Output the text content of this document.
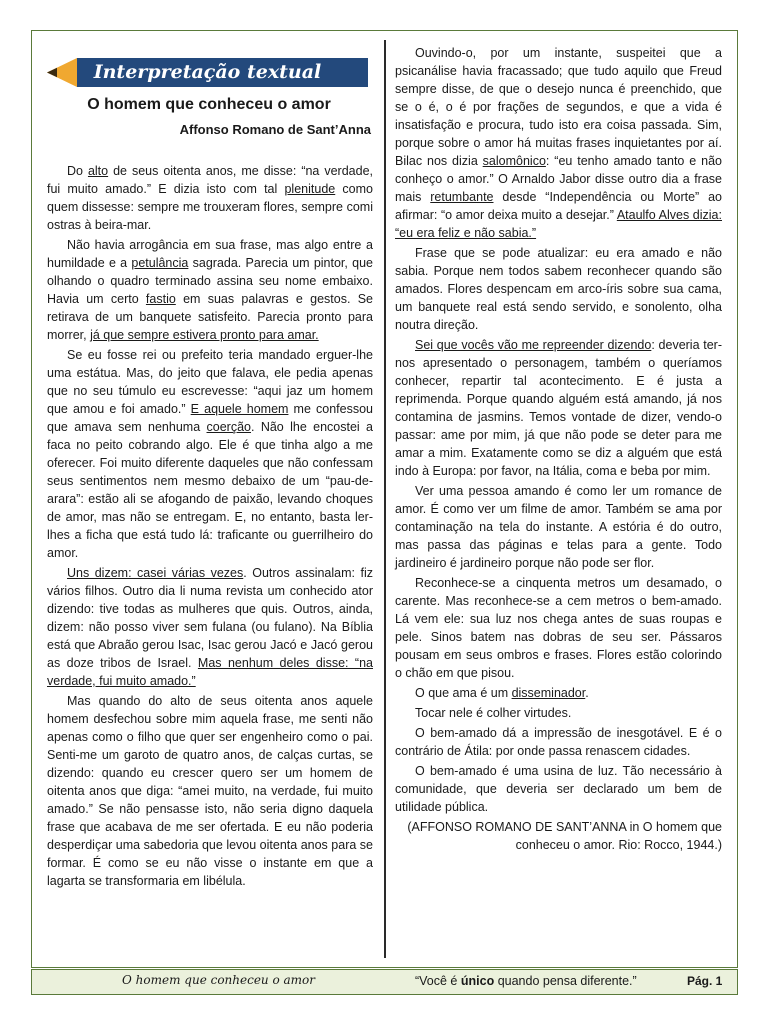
Interpretação textual
O homem que conheceu o amor
Affonso Romano de Sant’Anna

Do alto de seus oitenta anos, me disse: “na verdade, fui muito amado.” E dizia isto com tal plenitude como quem dissesse: sempre me trouxeram flores, sempre comi ostras à beira-mar.

Não havia arrogância em sua frase, mas algo entre a humildade e a petulância sagrada. Parecia um pintor, que olhando o quadro terminado assina seu nome embaixo. Havia um certo fastio em suas palavras e gestos. Se retirava de um banquete satisfeito. Parecia pronto para morrer, já que sempre estivera pronto para amar.

Se eu fosse rei ou prefeito teria mandado erguer-lhe uma estátua. Mas, do jeito que falava, ele pedia apenas que no seu túmulo eu escrevesse: “aqui jaz um homem que amou e foi amado.” E aquele homem me confessou que amava sem nenhuma coerção. Não lhe encostei a faca no peito cobrando algo. Ele é que tinha algo a me oferecer. Foi muito diferente daqueles que não confessam seus sentimentos nem mesmo debaixo de um “pau-de-arara”: estão ali se afogando de paixão, levando choques de amor, mas não se entregam. E, no entanto, basta ler-lhes a ficha que está tudo lá: traficante ou guerrilheiro do amor.

Uns dizem: casei várias vezes. Outros assinalam: fiz vários filhos. Outro dia li numa revista um conhecido ator dizendo: tive todas as mulheres que quis. Outros, ainda, dizem: não posso viver sem fulana (ou fulano). Na Bíblia está que Abraão gerou Isac, Isac gerou Jacó e Jacó gerou as doze tribos de Israel. Mas nenhum deles disse: “na verdade, fui muito amado.”

Mas quando do alto de seus oitenta anos aquele homem desfechou sobre mim aquela frase, me senti não apenas como o filho que quer ser engenheiro como o pai. Senti-me um garoto de quatro anos, de calças curtas, se dizendo: quando eu crescer quero ser um homem de oitenta anos que diga: “amei muito, na verdade, fui muito amado.” Se não pensasse isto, não seria digno daquela frase que acabava de me ser ofertada. E eu não poderia desperdiçar uma sabedoria que levou oitenta anos para se formar. É como se eu não visse o instante em que a lagarta se transformaria em libélula.

Ouvindo-o, por um instante, suspeitei que a psicanálise havia fracassado; que tudo aquilo que Freud sempre disse, de que o desejo nunca é preenchido, que se o é, o é por frações de segundos, e que a vida é insatisfação e procura, tudo isto era coisa passada. Sim, porque sobre o amor há muitas frases inquietantes por aí. Bilac nos dizia salomônico: “eu tenho amado tanto e não conheço o amor.” O Arnaldo Jabor disse outro dia a frase mais retumbante desde “Independência ou Morte” ao afirmar: “o amor deixa muito a desejar.” Ataulfo Alves dizia: “eu era feliz e não sabia.”

Frase que se pode atualizar: eu era amado e não sabia. Porque nem todos sabem reconhecer quando são amados. Flores despencam em arco-íris sobre sua cama, um banquete real está sendo servido, e sonolento, olha noutra direção.

Sei que vocês vão me repreender dizendo: deveria ter-nos apresentado o personagem, também o queríamos conhecer, repartir tal acontecimento. E é justa a reprimenda. Porque quando alguém está amando, já nos contamina de jasmins. Temos vontade de dizer, vendo-o passar: ame por mim, já que não pode se deter para me amar a mim. Exatamente como se diz a alguém que está indo à Europa: por favor, na Itália, coma e beba por mim.

Ver uma pessoa amando é como ler um romance de amor. É como ver um filme de amor. Também se ama por contaminação na tela do instante. A estória é do outro, mas passa das páginas e telas para a gente. Todo jardineiro é jardineiro porque não pode ser flor.

Reconhece-se a cinquenta metros um desamado, o carente. Mas reconhece-se a cem metros o bem-amado. Lá vem ele: sua luz nos chega antes de suas roupas e pele. Sinos batem nas dobras de seu ser. Pássaros pousam em seus ombros e frases. Flores estão colorindo o chão em que pisou.

O que ama é um disseminador.

Tocar nele é colher virtudes.

O bem-amado dá a impressão de inesgotável. E é o contrário de Átila: por onde passa renascem cidades.

O bem-amado é uma usina de luz. Tão necessário à comunidade, que deveria ser declarado um bem de utilidade pública.

(AFFONSO ROMANO DE SANT’ANNA in O homem que conheceu o amor. Rio: Rocco, 1944.)

O homem que conheceu o amor	“Você é único quando pensa diferente.”	Pág. 1
